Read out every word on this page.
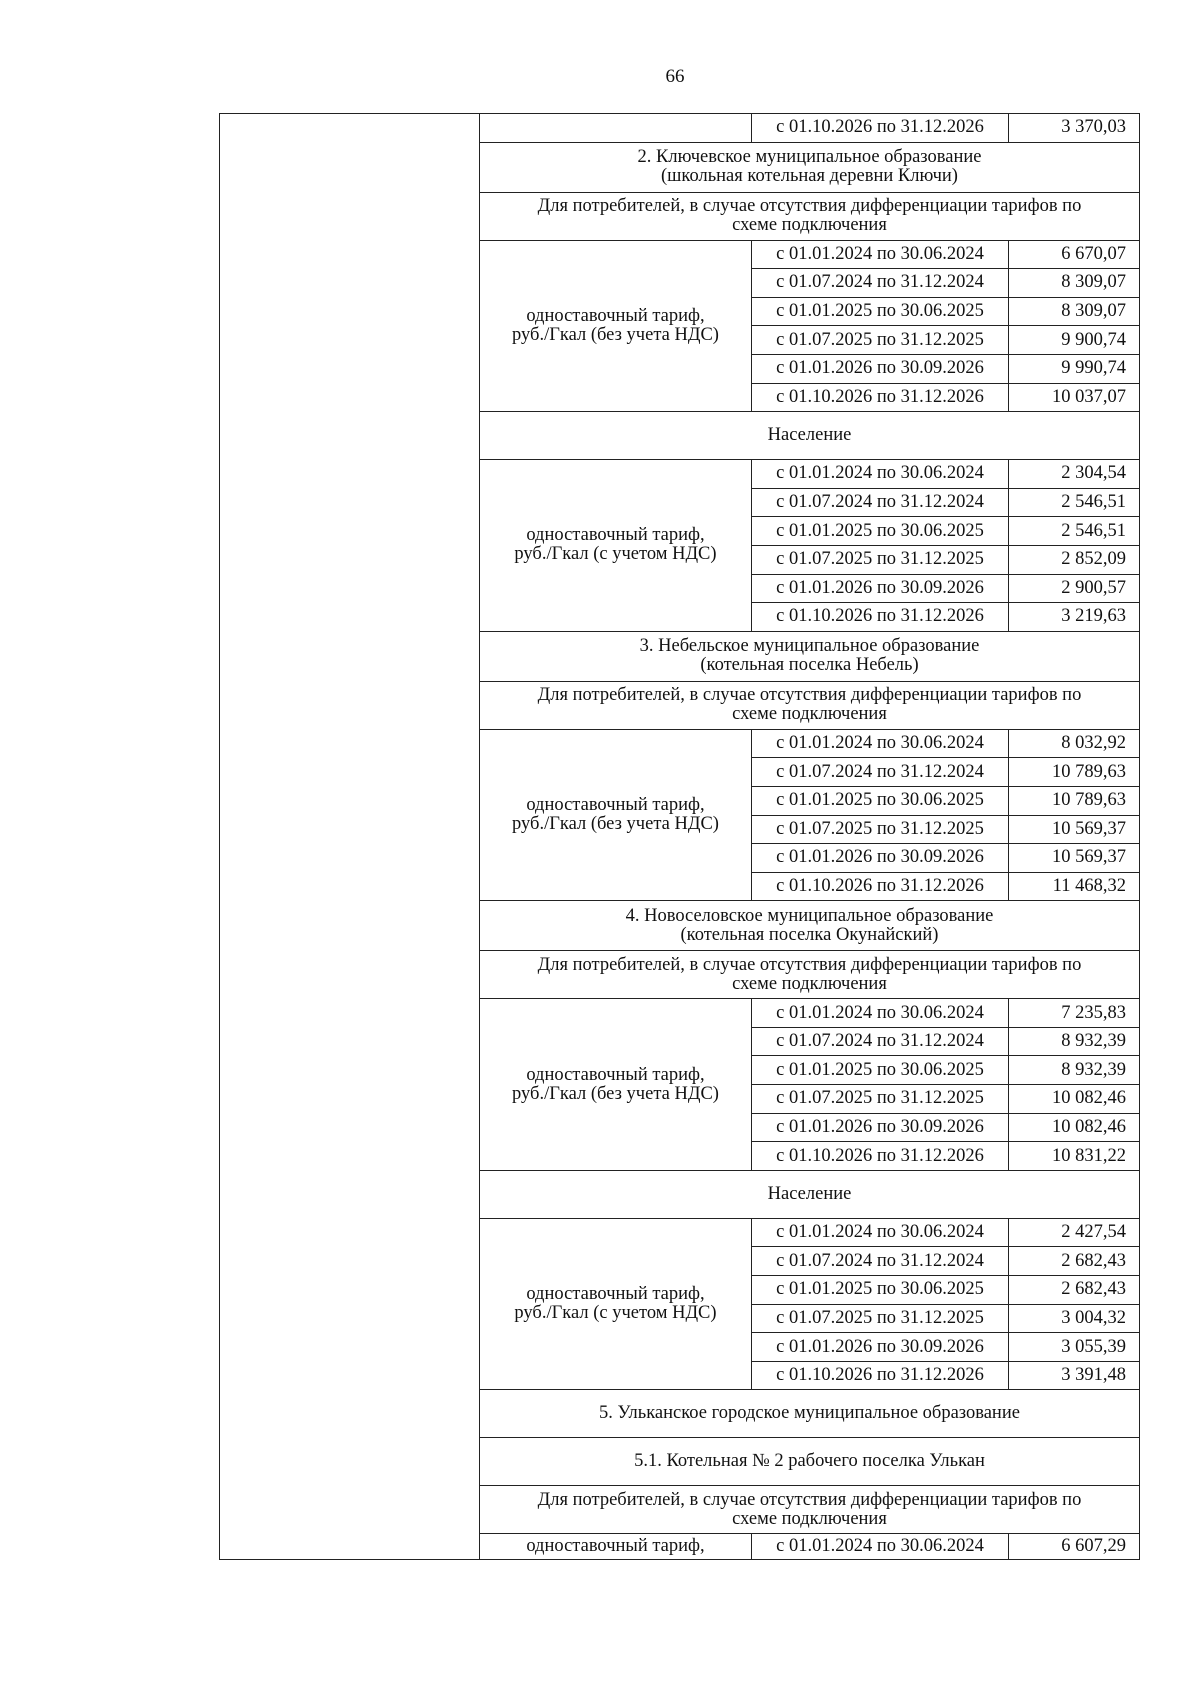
66
		с 01.10.2026 по 31.12.2026	3 370,03

	2. Ключевское муниципальное образование
(школьная котельная деревни Ключи)		

	Для потребителей, в случае отсутствия дифференциации тарифов по
схеме подключения		

	одноставочный тариф,
руб./Гкал (без учета НДС)	с 01.01.2024 по 30.06.2024	6 670,07
		с 01.07.2024 по 31.12.2024	8 309,07
		с 01.01.2025 по 30.06.2025	8 309,07
		с 01.07.2025 по 31.12.2025	9 900,74
		с 01.01.2026 по 30.09.2026	9 990,74
		с 01.10.2026 по 31.12.2026	10 037,07
	Население		

	одноставочный тариф,
руб./Гкал (с учетом НДС)	с 01.01.2024 по 30.06.2024	2 304,54
		с 01.07.2024 по 31.12.2024	2 546,51
		с 01.01.2025 по 30.06.2025	2 546,51
		с 01.07.2025 по 31.12.2025	2 852,09
		с 01.01.2026 по 30.09.2026	2 900,57
		с 01.10.2026 по 31.12.2026	3 219,63

	3. Небельское муниципальное образование
(котельная поселка Небель)		

	Для потребителей, в случае отсутствия дифференциации тарифов по
схеме подключения		

	одноставочный тариф,
руб./Гкал (без учета НДС)	с 01.01.2024 по 30.06.2024	8 032,92
		с 01.07.2024 по 31.12.2024	10 789,63
		с 01.01.2025 по 30.06.2025	10 789,63
		с 01.07.2025 по 31.12.2025	10 569,37
		с 01.01.2026 по 30.09.2026	10 569,37
		с 01.10.2026 по 31.12.2026	11 468,32

	4. Новоселовское муниципальное образование
(котельная поселка Окунайский)		

	Для потребителей, в случае отсутствия дифференциации тарифов по
схеме подключения		

	одноставочный тариф,
руб./Гкал (без учета НДС)	с 01.01.2024 по 30.06.2024	7 235,83
		с 01.07.2024 по 31.12.2024	8 932,39
		с 01.01.2025 по 30.06.2025	8 932,39
		с 01.07.2025 по 31.12.2025	10 082,46
		с 01.01.2026 по 30.09.2026	10 082,46
		с 01.10.2026 по 31.12.2026	10 831,22
	Население		

	одноставочный тариф,
руб./Гкал (с учетом НДС)	с 01.01.2024 по 30.06.2024	2 427,54
		с 01.07.2024 по 31.12.2024	2 682,43
		с 01.01.2025 по 30.06.2025	2 682,43
		с 01.07.2025 по 31.12.2025	3 004,32
		с 01.01.2026 по 30.09.2026	3 055,39
		с 01.10.2026 по 31.12.2026	3 391,48
	5. Ульканское городское муниципальное образование		
	5.1. Котельная № 2 рабочего поселка Улькан		

	Для потребителей, в случае отсутствия дифференциации тарифов по
схеме подключения		

	одноставочный тариф,	с 01.01.2024 по 30.06.2024	6 607,29
